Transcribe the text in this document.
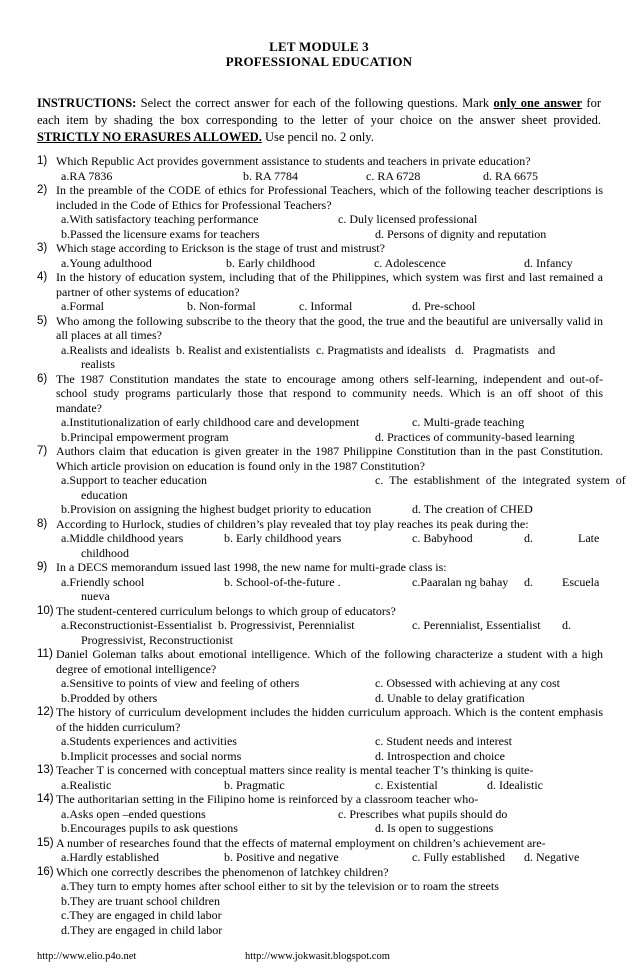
LET MODULE 3
PROFESSIONAL EDUCATION
INSTRUCTIONS: Select the correct answer for each of the following questions. Mark only one answer for each item by shading the box corresponding to the letter of your choice on the answer sheet provided. STRICTLY NO ERASURES ALLOWED. Use pencil no. 2 only.
1) Which Republic Act provides government assistance to students and teachers in private education?
a.RA 7836	b. RA 7784	c. RA 6728	d. RA 6675
2) In the preamble of the CODE of ethics for Professional Teachers, which of the following teacher descriptions is included in the Code of Ethics for Professional Teachers?
a.With satisfactory teaching performance	c. Duly licensed professional
b.Passed the licensure exams for teachers	d. Persons of dignity and reputation
3) Which stage according to Erickson is the stage of trust and mistrust?
a.Young adulthood	b. Early childhood	c. Adolescence	d. Infancy
4) In the history of education system, including that of the Philippines, which system was first and last remained a partner of other systems of education?
a.Formal	b. Non-formal	c. Informal	d. Pre-school
5) Who among the following subscribe to the theory that the good, the true and the beautiful are universally valid in all places at all times?
a.Realists and idealists  b. Realist and existentialists  c. Pragmatists and idealists   d.   Pragmatists   and
realists
6) The 1987 Constitution mandates the state to encourage among others self-learning, independent and out-of-school study programs particularly those that respond to community needs. Which is an off shoot of this mandate?
a.Institutionalization of early childhood care and development	c. Multi-grade teaching
b.Principal empowerment program	d. Practices of community-based learning
7) Authors claim that education is given greater in the 1987 Philippine Constitution than in the past Constitution. Which article provision on education is found only in the 1987 Constitution?
a.Support to teacher education	c.  The  establishment  of  the  integrated  system  of
education
b.Provision on assigning the highest budget priority to education	d. The creation of CHED
8) According to Hurlock, studies of children’s play revealed that toy play reaches its peak during the:
a.Middle childhood years	b. Early childhood years	c. Babyhood	d.	Late
childhood
9) In a DECS memorandum issued last 1998, the new name for multi-grade class is:
a.Friendly school	b. School-of-the-future .	c.Paaralan ng bahay d. Escuela
nueva
10) The student-centered curriculum belongs to which group of educators?
a.Reconstructionist-Essentialist  b. Progressivist, Perennialist	c. Perennialist, Essentialist d.
Progressivist, Reconstructionist
11) Daniel Goleman talks about emotional intelligence. Which of the following characterize a student with a high degree of emotional intelligence?
a.Sensitive to points of view and feeling of others	c. Obsessed with achieving at any cost
b.Prodded by others	d. Unable to delay gratification
12) The history of curriculum development includes the hidden curriculum approach. Which is the content emphasis of the hidden curriculum?
a.Students experiences and activities	c. Student needs and interest
b.Implicit processes and social norms	d. Introspection and choice
13) Teacher T is concerned with conceptual matters since reality is mental teacher T’s thinking is quite-
a.Realistic	b. Pragmatic	c. Existential	d. Idealistic
14) The authoritarian setting in the Filipino home is reinforced by a classroom teacher who-
a.Asks open –ended questions	c. Prescribes what pupils should do
b.Encourages pupils to ask questions	d. Is open to suggestions
15) A number of researches found that the effects of maternal employment on children’s achievement are-
a.Hardly established	b. Positive and negative	c. Fully established d. Negative
16) Which one correctly describes the phenomenon of latchkey children?
a.They turn to empty homes after school either to sit by the television or to roam the streets
b.They are truant school children
c.They are engaged in child labor
d.They are engaged in child labor
http://www.elio.p4o.net	http://www.jokwasit.blogspot.com
